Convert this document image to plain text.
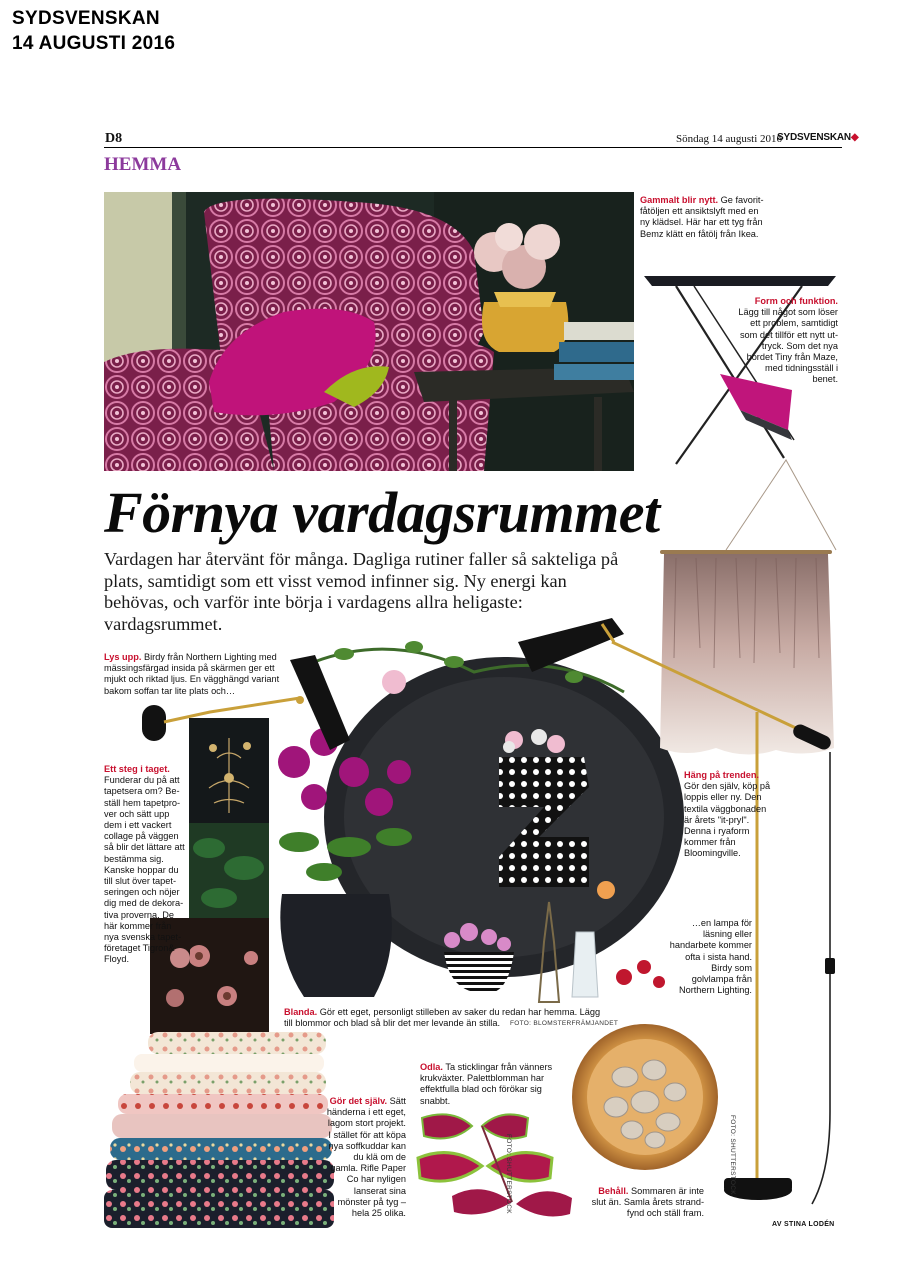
SYDSVENSKAN
14 AUGUSTI 2016
D8	Söndag 14 augusti 2016
SYDSVENSKAN◆
HEMMA
Gammalt blir nytt. Ge favoritfåtöljen ett ansiktslyft med en ny klädsel. Här har ett tyg från Bemz klätt en fåtölj från Ikea.
Form och funktion. Lägg till något som löser ett problem, samtidigt som det tillför ett nytt uttryck. Som det nya bordet Tiny från Maze, med tidningsställ i benet.
Förnya vardagsrummet
Vardagen har återvänt för många. Dagliga rutiner faller så sakteliga på plats, samtidigt som ett visst vemod infinner sig. Ny energi kan behövas, och varför inte börja i vardagens allra heligaste: vardagsrummet.
Lys upp. Birdy från Northern Lighting med mässingsfärgad insida på skärmen ger ett mjukt och riktad ljus. En vägghängd variant bakom soffan tar lite plats och…
Ett steg i taget. Funderar du på att tapetsera om? Beställ hem tapetprover och sätt upp dem i ett vackert collage på väggen så blir det lättare att bestämma sig. Kanske hoppar du till slut över tapetseringen och nöjer dig med de dekorativa proverna. De här kommer från nya svenska tapetföretaget Tigron& Floyd.
Häng på trenden. Gör den själv, köp på loppis eller ny. Den textila väggbonaden är årets "it-pryl". Denna i ryaform kommer från Bloomingville.
…en lampa för läsning eller handarbete kommer ofta i sista hand. Birdy som golvlampa från Northern Lighting.
Blanda. Gör ett eget, personligt stilleben av saker du redan har hemma. Lägg till blommor och blad så blir det mer levande än stilla.	FOTO: BLOMSTERFRÄMJANDET
Gör det själv. Sätt händerna i ett eget, lagom stort projekt. I stället för att köpa nya soffkuddar kan du klä om de gamla. Rifle Paper Co har nyligen lanserat sina mönster på tyg – hela 25 olika.
Odla. Ta sticklingar från vänners krukväxter. Palettblomman har effektfulla blad och förökar sig snabbt.
FOTO: SHUTTERSTOCK	FOTO: SHUTTERSTOCK
Behåll. Sommaren är inte slut än. Samla årets strandfynd och ställ fram.
AV STINA LODÉN
